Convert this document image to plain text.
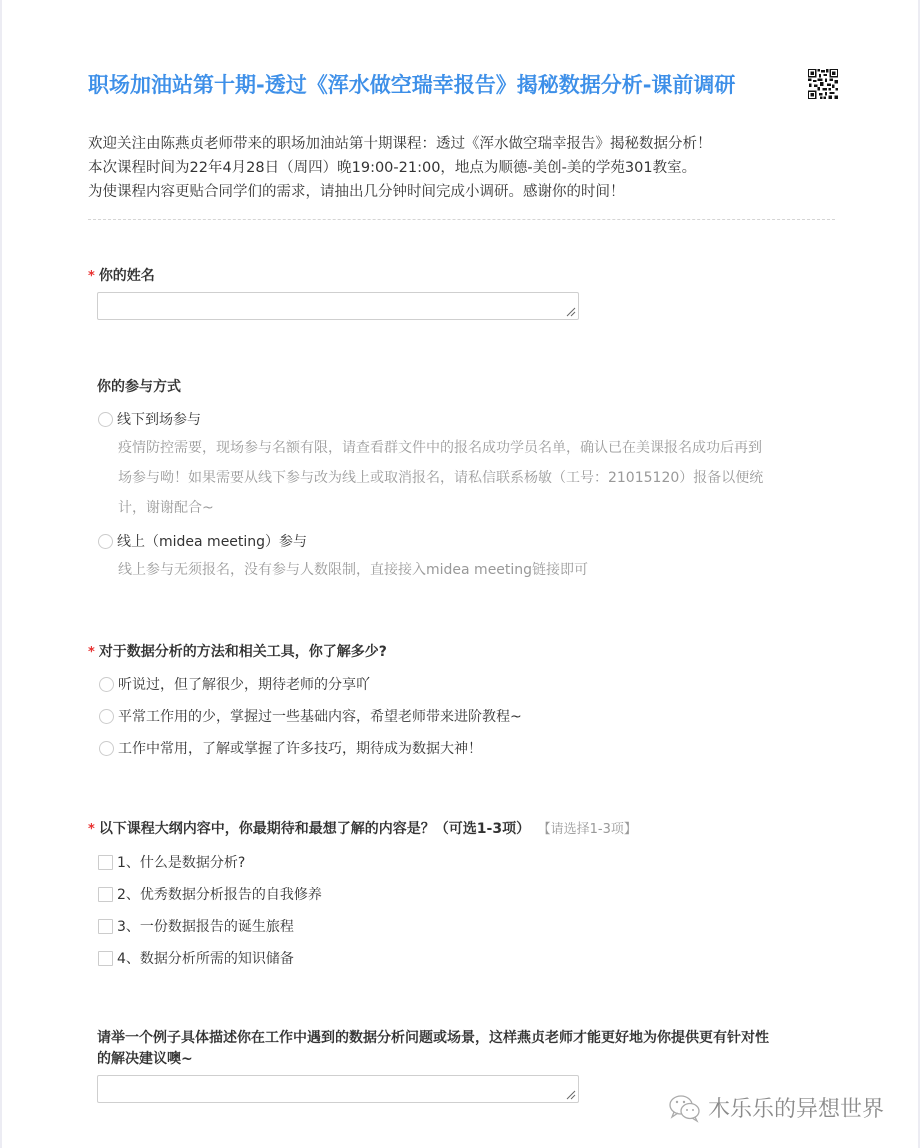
职场加油站第十期-透过《浑水做空瑞幸报告》揭秘数据分析-课前调研
欢迎关注由陈燕贞老师带来的职场加油站第十期课程：透过《浑水做空瑞幸报告》揭秘数据分析！
本次课程时间为22年4月28日（周四）晚19:00-21:00，地点为顺德-美创-美的学苑301教室。
为使课程内容更贴合同学们的需求，请抽出几分钟时间完成小调研。感谢你的时间！
* 你的姓名
你的参与方式
线下到场参与
疫情防控需要，现场参与名额有限，请查看群文件中的报名成功学员名单，确认已在美课报名成功后再到
场参与呦！如果需要从线下参与改为线上或取消报名，请私信联系杨敏（工号：21015120）报备以便统
计，谢谢配合~
线上（midea meeting）参与
线上参与无须报名，没有参与人数限制，直接接入midea meeting链接即可
* 对于数据分析的方法和相关工具，你了解多少?
听说过，但了解很少，期待老师的分享吖
平常工作用的少，掌握过一些基础内容，希望老师带来进阶教程~
工作中常用，了解或掌握了许多技巧，期待成为数据大神！
* 以下课程大纲内容中，你最期待和最想了解的内容是？（可选1-3项） 【请选择1-3项】
1、什么是数据分析?
2、优秀数据分析报告的自我修养
3、一份数据报告的诞生旅程
4、数据分析所需的知识储备
请举一个例子具体描述你在工作中遇到的数据分析问题或场景，这样燕贞老师才能更好地为你提供更有针对性
的解决建议噢~
木乐乐的异想世界
